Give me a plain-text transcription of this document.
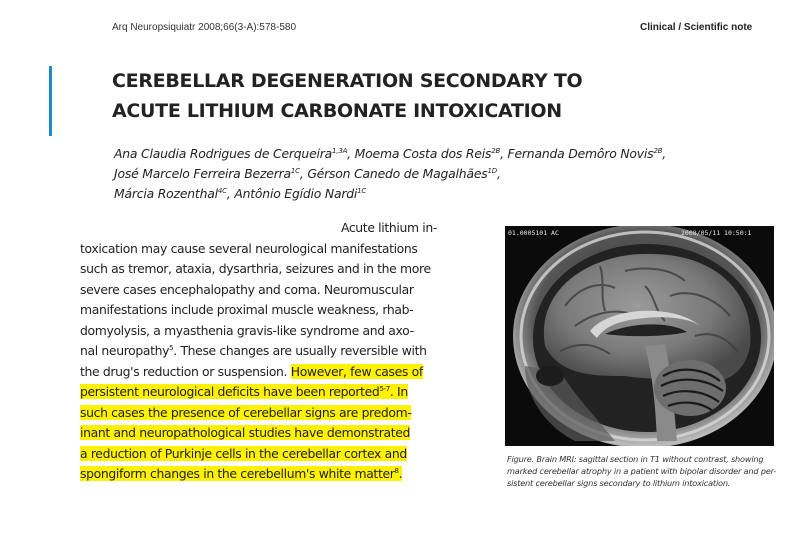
Arq Neuropsiquiatr 2008;66(3-A):578-580	Clinical / Scientific note
CEREBELLAR DEGENERATION SECONDARY TO
ACUTE LITHIUM CARBONATE INTOXICATION
Ana Claudia Rodrigues de Cerqueira$^{1,3A}$, Moema Costa dos Reis$^{2B}$, Fernanda Demôro Novis$^{2B}$,
José Marcelo Ferreira Bezerra$^{1C}$, Gérson Canedo de Magalhães$^{1D}$,
Márcia Rozenthal$^{4C}$, Antônio Egídio Nardi$^{1C}$
Acute lithium in-
toxication may cause several neurological manifestations
such as tremor, ataxia, dysarthria, seizures and in the more
severe cases encephalopathy and coma. Neuromuscular
manifestations include proximal muscle weakness, rhab-
domyolysis, a myasthenia gravis-like syndrome and axo-
nal neuropathy$^5$. These changes are usually reversible with
the drug's reduction or suspension. However, few cases of
persistent neurological deficits have been reported$^{5-7}$. In
such cases the presence of cerebellar signs are predom-
inant and neuropathological studies have demonstrated
a reduction of Purkinje cells in the cerebellar cortex and
spongiform changes in the cerebellum's white matter$^8$.
01.0005101 AC	2008/05/11 10:50:1
Figure. Brain MRI: sagittal section in T1 without contrast, showing
marked cerebellar atrophy in a patient with bipolar disorder and per-
sistent cerebellar signs secondary to lithium intoxication.
